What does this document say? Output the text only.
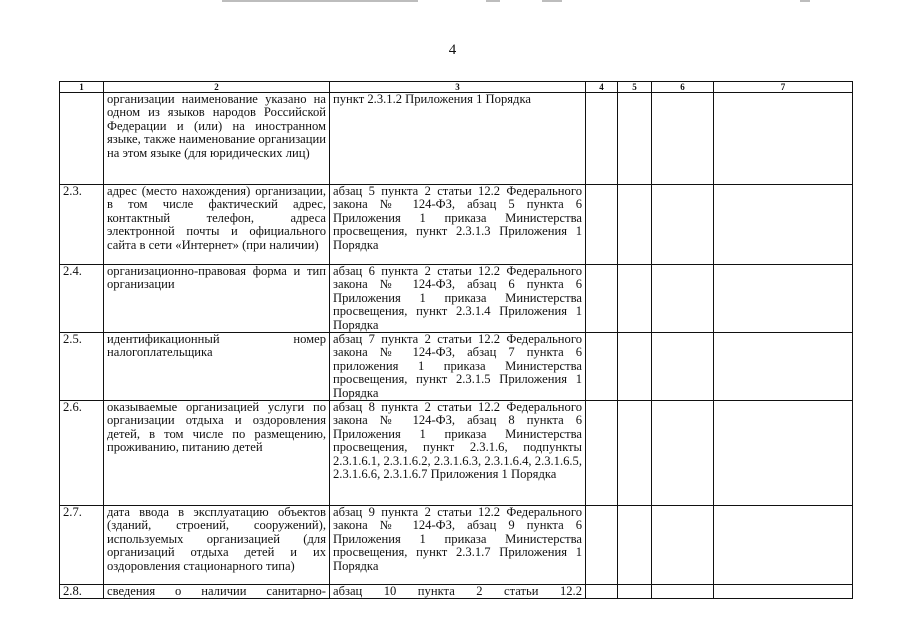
4
1	2	3	4	5	6	7
	организации наименование указано на одном из языков народов Российской Федерации и (или) на иностранном языке, также наименование организации на этом языке (для юридических лиц)	пункт 2.3.1.2 Приложения 1 Порядка				
2.3.	адрес (место нахождения) организации, в том числе фактический адрес, контактный телефон, адреса электронной почты и официального сайта в сети «Интернет» (при наличии)	абзац 5 пункта 2 статьи 12.2 Федерального закона № 124-ФЗ, абзац 5 пункта 6 Приложения 1 приказа Министерства просвещения, пункт 2.3.1.3 Приложения 1 Порядка				
2.4.	организационно-правовая форма и тип организации	абзац 6 пункта 2 статьи 12.2 Федерального закона № 124-ФЗ, абзац 6 пункта 6 Приложения 1 приказа Министерства просвещения, пункт 2.3.1.4 Приложения 1 Порядка				
2.5.	идентификационный номер налогоплательщика	абзац 7 пункта 2 статьи 12.2 Федерального закона № 124-ФЗ, абзац 7 пункта 6 приложения 1 приказа Министерства просвещения, пункт 2.3.1.5 Приложения 1 Порядка				
2.6.	оказываемые организацией услуги по организации отдыха и оздоровления детей, в том числе по размещению, проживанию, питанию детей	абзац 8 пункта 2 статьи 12.2 Федерального закона № 124-ФЗ, абзац 8 пункта 6 Приложения 1 приказа Министерства просвещения, пункт 2.3.1.6, подпункты 2.3.1.6.1, 2.3.1.6.2, 2.3.1.6.3, 2.3.1.6.4, 2.3.1.6.5, 2.3.1.6.6, 2.3.1.6.7 Приложения 1 Порядка				
2.7.	дата ввода в эксплуатацию объектов (зданий, строений, сооружений), используемых организацией (для организаций отдыха детей и их оздоровления стационарного типа)	абзац 9 пункта 2 статьи 12.2 Федерального закона № 124-ФЗ, абзац 9 пункта 6 Приложения 1 приказа Министерства просвещения, пункт 2.3.1.7 Приложения 1 Порядка				
2.8.	сведения о наличии санитарно-	абзац 10 пункта 2 статьи 12.2				
